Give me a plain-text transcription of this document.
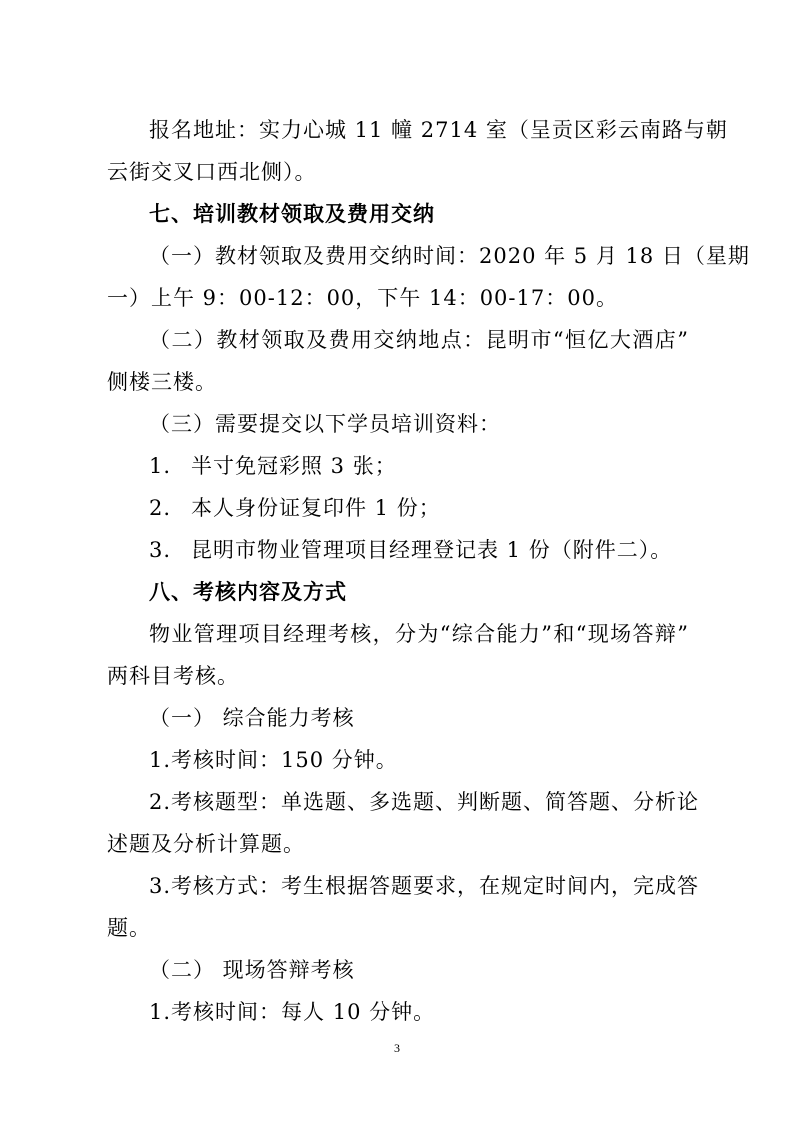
报名地址：实力心城 11 幢 2714 室（呈贡区彩云南路与朝
云街交叉口西北侧）。
七、培训教材领取及费用交纳
（一）教材领取及费用交纳时间：2020 年 5 月 18 日（星期
一）上午 9：00-12：00，下午 14：00-17：00。
（二）教材领取及费用交纳地点：昆明市“恒亿大酒店”
侧楼三楼。
（三）需要提交以下学员培训资料：
1. 半寸免冠彩照 3 张；
2. 本人身份证复印件 1 份；
3. 昆明市物业管理项目经理登记表 1 份（附件二）。
八、考核内容及方式
物业管理项目经理考核，分为“综合能力”和“现场答辩”
两科目考核。
（一） 综合能力考核
1.考核时间：150 分钟。
2.考核题型：单选题、多选题、判断题、简答题、分析论
述题及分析计算题。
3.考核方式：考生根据答题要求，在规定时间内，完成答
题。
（二） 现场答辩考核
1.考核时间：每人 10 分钟。
3
